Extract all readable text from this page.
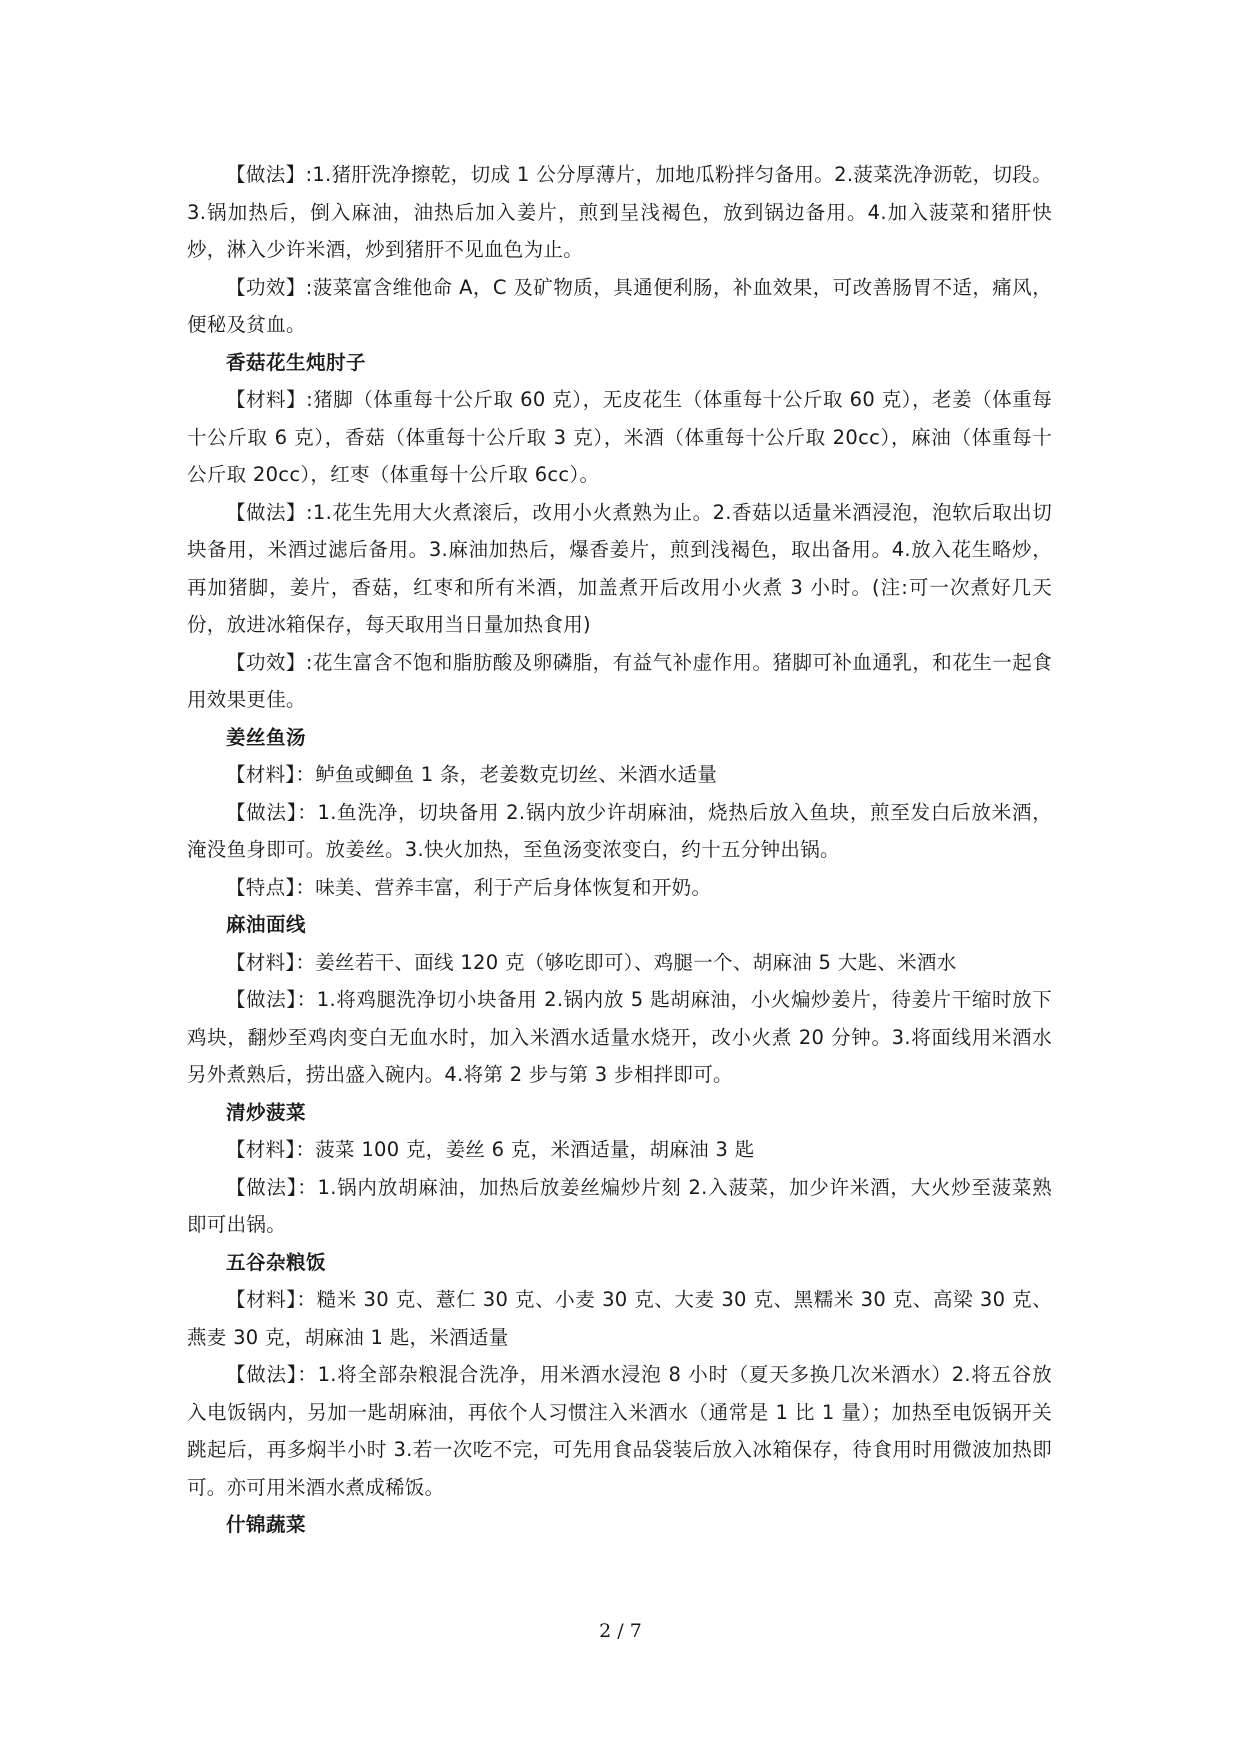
【做法】:1.猪肝洗净擦乾，切成 1 公分厚薄片，加地瓜粉拌匀备用。2.菠菜洗净沥乾，切段。3.锅加热后，倒入麻油，油热后加入姜片，煎到呈浅褐色，放到锅边备用。4.加入菠菜和猪肝快炒，淋入少许米酒，炒到猪肝不见血色为止。

【功效】:菠菜富含维他命 A，C 及矿物质，具通便利肠，补血效果，可改善肠胃不适，痛风，便秘及贫血。

香菇花生炖肘子

【材料】:猪脚（体重每十公斤取 60 克），无皮花生（体重每十公斤取 60 克），老姜（体重每十公斤取 6 克），香菇（体重每十公斤取 3 克），米酒（体重每十公斤取 20cc），麻油（体重每十公斤取 20cc），红枣（体重每十公斤取 6cc）。

【做法】:1.花生先用大火煮滚后，改用小火煮熟为止。2.香菇以适量米酒浸泡，泡软后取出切块备用，米酒过滤后备用。3.麻油加热后，爆香姜片，煎到浅褐色，取出备用。4.放入花生略炒，再加猪脚，姜片，香菇，红枣和所有米酒，加盖煮开后改用小火煮 3 小时。(注:可一次煮好几天份，放进冰箱保存，每天取用当日量加热食用)

【功效】:花生富含不饱和脂肪酸及卵磷脂，有益气补虚作用。猪脚可补血通乳，和花生一起食用效果更佳。

姜丝鱼汤

【材料】：鲈鱼或鲫鱼 1 条，老姜数克切丝、米酒水适量

【做法】：1.鱼洗净，切块备用 2.锅内放少许胡麻油，烧热后放入鱼块，煎至发白后放米酒，淹没鱼身即可。放姜丝。3.快火加热，至鱼汤变浓变白，约十五分钟出锅。

【特点】：味美、营养丰富，利于产后身体恢复和开奶。

麻油面线

【材料】：姜丝若干、面线 120 克（够吃即可）、鸡腿一个、胡麻油 5 大匙、米酒水

【做法】：1.将鸡腿洗净切小块备用 2.锅内放 5 匙胡麻油，小火煸炒姜片，待姜片干缩时放下鸡块，翻炒至鸡肉变白无血水时，加入米酒水适量水烧开，改小火煮 20 分钟。3.将面线用米酒水另外煮熟后，捞出盛入碗内。4.将第 2 步与第 3 步相拌即可。

清炒菠菜

【材料】：菠菜 100 克，姜丝 6 克，米酒适量，胡麻油 3 匙

【做法】：1.锅内放胡麻油，加热后放姜丝煸炒片刻 2.入菠菜，加少许米酒，大火炒至菠菜熟即可出锅。

五谷杂粮饭

【材料】：糙米 30 克、薏仁 30 克、小麦 30 克、大麦 30 克、黑糯米 30 克、高梁 30 克、燕麦 30 克，胡麻油 1 匙，米酒适量

【做法】：1.将全部杂粮混合洗净，用米酒水浸泡 8 小时（夏天多换几次米酒水）2.将五谷放入电饭锅内，另加一匙胡麻油，再依个人习惯注入米酒水（通常是 1 比 1 量）；加热至电饭锅开关跳起后，再多焖半小时 3.若一次吃不完，可先用食品袋装后放入冰箱保存，待食用时用微波加热即可。亦可用米酒水煮成稀饭。

什锦蔬菜

2 / 7
